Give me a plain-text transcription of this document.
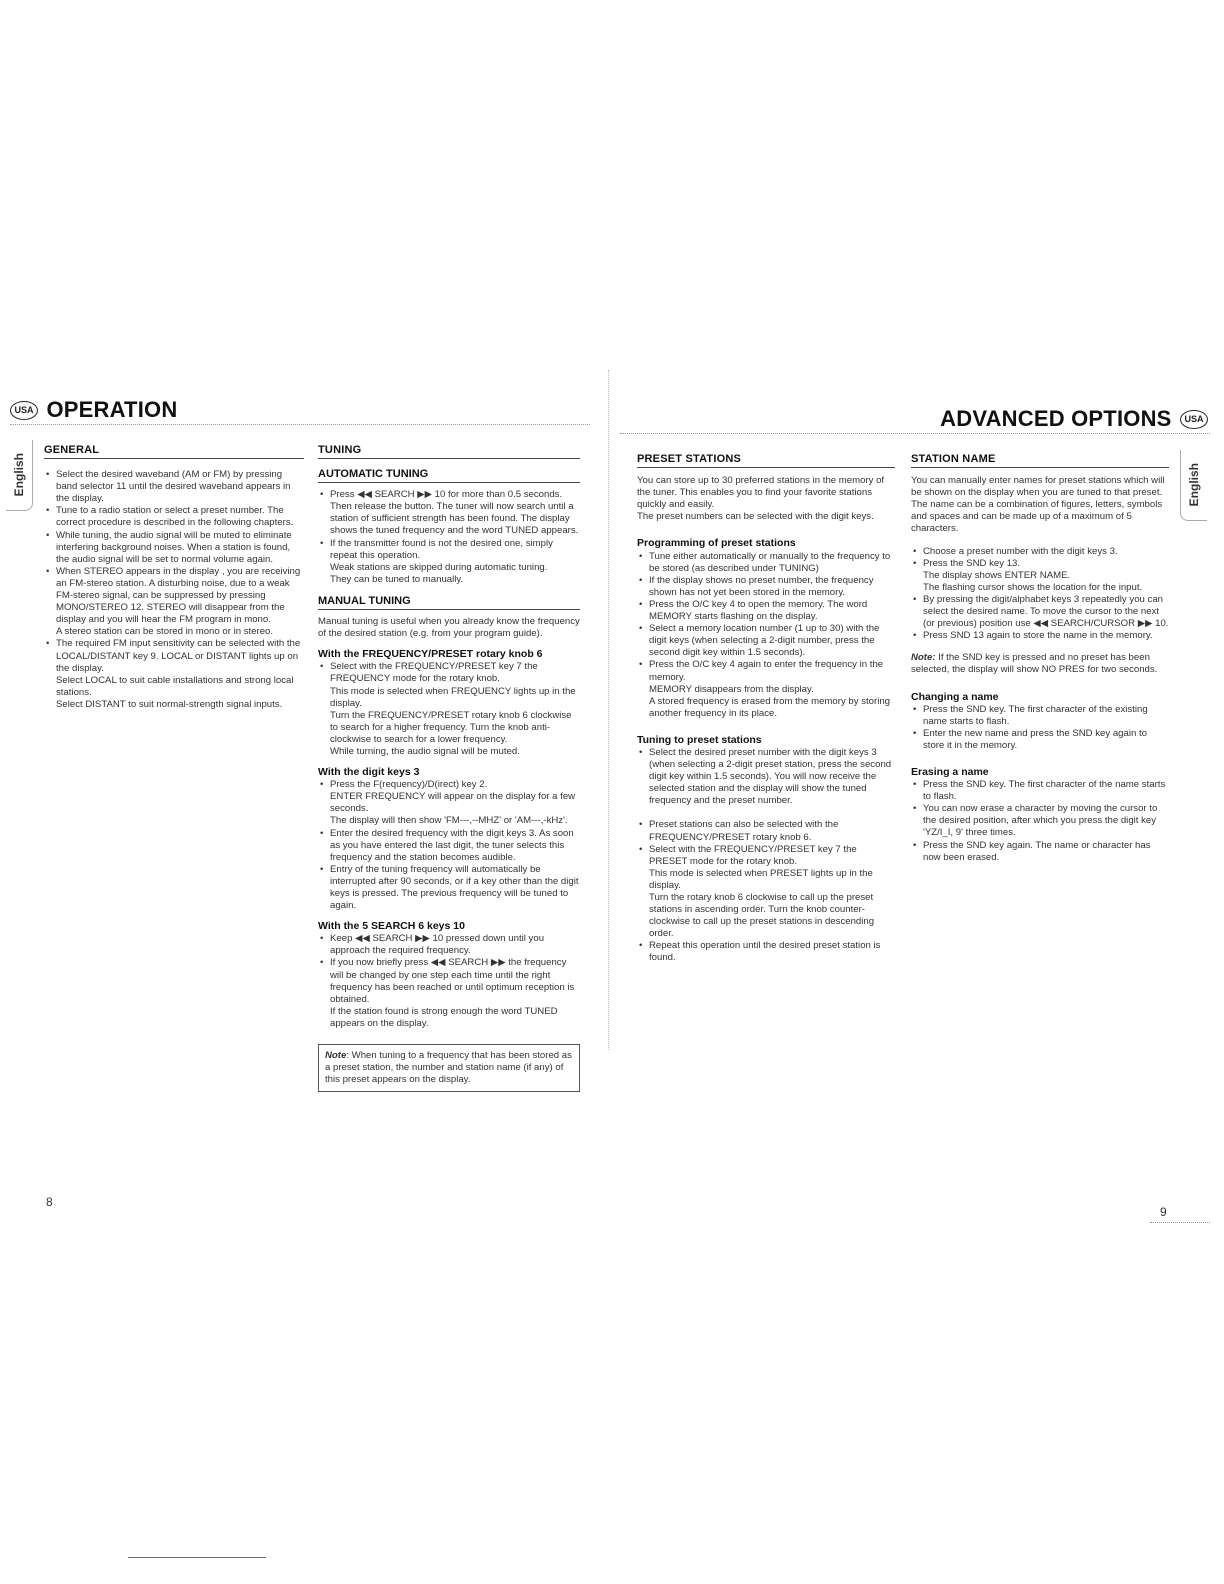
USA OPERATION
English
GENERAL
• Select the desired waveband (AM or FM) by pressing band selector 11 until the desired waveband appears in the display.
• Tune to a radio station or select a preset number. The correct procedure is described in the following chapters.
• While tuning, the audio signal will be muted to eliminate interfering background noises. When a station is found, the audio signal will be set to normal volume again.
• When STEREO appears in the display , you are receiving an FM-stereo station. A disturbing noise, due to a weak FM-stereo signal, can be suppressed by pressing MONO/STEREO 12. STEREO will disappear from the display and you will hear the FM program in mono.
A stereo station can be stored in mono or in stereo.
• The required FM input sensitivity can be selected with the LOCAL/DISTANT key 9. LOCAL or DISTANT lights up on the display.
Select LOCAL to suit cable installations and strong local stations.
Select DISTANT to suit normal-strength signal inputs.
TUNING
AUTOMATIC TUNING
• Press ◀◀ SEARCH ▶▶ 10 for more than 0.5 seconds. Then release the button. The tuner will now search until a station of sufficient strength has been found. The display shows the tuned frequency and the word TUNED appears.
• If the transmitter found is not the desired one, simply repeat this operation.
Weak stations are skipped during automatic tuning.
They can be tuned to manually.
MANUAL TUNING

Manual tuning is useful when you already know the frequency of the desired station (e.g. from your program guide).

With the FREQUENCY/PRESET rotary knob 6
• Select with the FREQUENCY/PRESET key 7 the FREQUENCY mode for the rotary knob.
This mode is selected when FREQUENCY lights up in the display.
Turn the FREQUENCY/PRESET rotary knob 6 clockwise to search for a higher frequency. Turn the knob anti-clockwise to search for a lower frequency.
While turning, the audio signal will be muted.
With the digit keys 3
• Press the F(requency)/D(irect) key 2.
ENTER FREQUENCY will appear on the display for a few seconds.
The display will then show 'FM---,--MHZ' or 'AM---,-kHz'.
• Enter the desired frequency with the digit keys 3. As soon as you have entered the last digit, the tuner selects this frequency and the station becomes audible.
• Entry of the tuning frequency will automatically be interrupted after 90 seconds, or if a key other than the digit keys is pressed. The previous frequency will be tuned to again.
With the 5 SEARCH 6 keys 10
• Keep ◀◀ SEARCH ▶▶ 10 pressed down until you approach the required frequency.
• If you now briefly press ◀◀ SEARCH ▶▶ the frequency will be changed by one step each time until the right frequency has been reached or until optimum reception is obtained.
If the station found is strong enough the word TUNED appears on the display.
Note: When tuning to a frequency that has been stored as a preset station, the number and station name (if any) of this preset appears on the display.
8
ADVANCED OPTIONS USA
English
PRESET STATIONS

You can store up to 30 preferred stations in the memory of the tuner. This enables you to find your favorite stations quickly and easily.

The preset numbers can be selected with the digit keys.

Programming of preset stations
• Tune either automatically or manually to the frequency to be stored (as described under TUNING)
• If the display shows no preset number, the frequency shown has not yet been stored in the memory.
• Press the O/C key 4 to open the memory. The word MEMORY starts flashing on the display.
• Select a memory location number (1 up to 30) with the digit keys (when selecting a 2-digit number, press the second digit key within 1.5 seconds).
• Press the O/C key 4 again to enter the frequency in the memory.
MEMORY disappears from the display.
A stored frequency is erased from the memory by storing another frequency in its place.
Tuning to preset stations
• Select the desired preset number with the digit keys 3 (when selecting a 2-digit preset station, press the second digit key within 1.5 seconds). You will now receive the selected station and the display will show the tuned frequency and the preset number.
• Preset stations can also be selected with the FREQUENCY/PRESET rotary knob 6.
• Select with the FREQUENCY/PRESET key 7 the PRESET mode for the rotary knob.
This mode is selected when PRESET lights up in the display.
Turn the rotary knob 6 clockwise to call up the preset stations in ascending order. Turn the knob counter-clockwise to call up the preset stations in descending order.
• Repeat this operation until the desired preset station is found.
STATION NAME

You can manually enter names for preset stations which will be shown on the display when you are tuned to that preset.

The name can be a combination of figures, letters, symbols and spaces and can be made up of a maximum of 5 characters.

• Choose a preset number with the digit keys 3.
• Press the SND key 13.
The display shows ENTER NAME.
The flashing cursor shows the location for the input.
• By pressing the digit/alphabet keys 3 repeatedly you can select the desired name. To move the cursor to the next (or previous) position use ◀◀ SEARCH/CURSOR ▶▶ 10.
• Press SND 13 again to store the name in the memory.

Note: If the SND key is pressed and no preset has been selected, the display will show NO PRES for two seconds.

Changing a name
• Press the SND key. The first character of the existing name starts to flash.
• Enter the new name and press the SND key again to store it in the memory.
Erasing a name
• Press the SND key. The first character of the name starts to flash.
• You can now erase a character by moving the cursor to the desired position, after which you press the digit key 'YZ/I_I, 9' three times.
• Press the SND key again. The name or character has now been erased.
9
